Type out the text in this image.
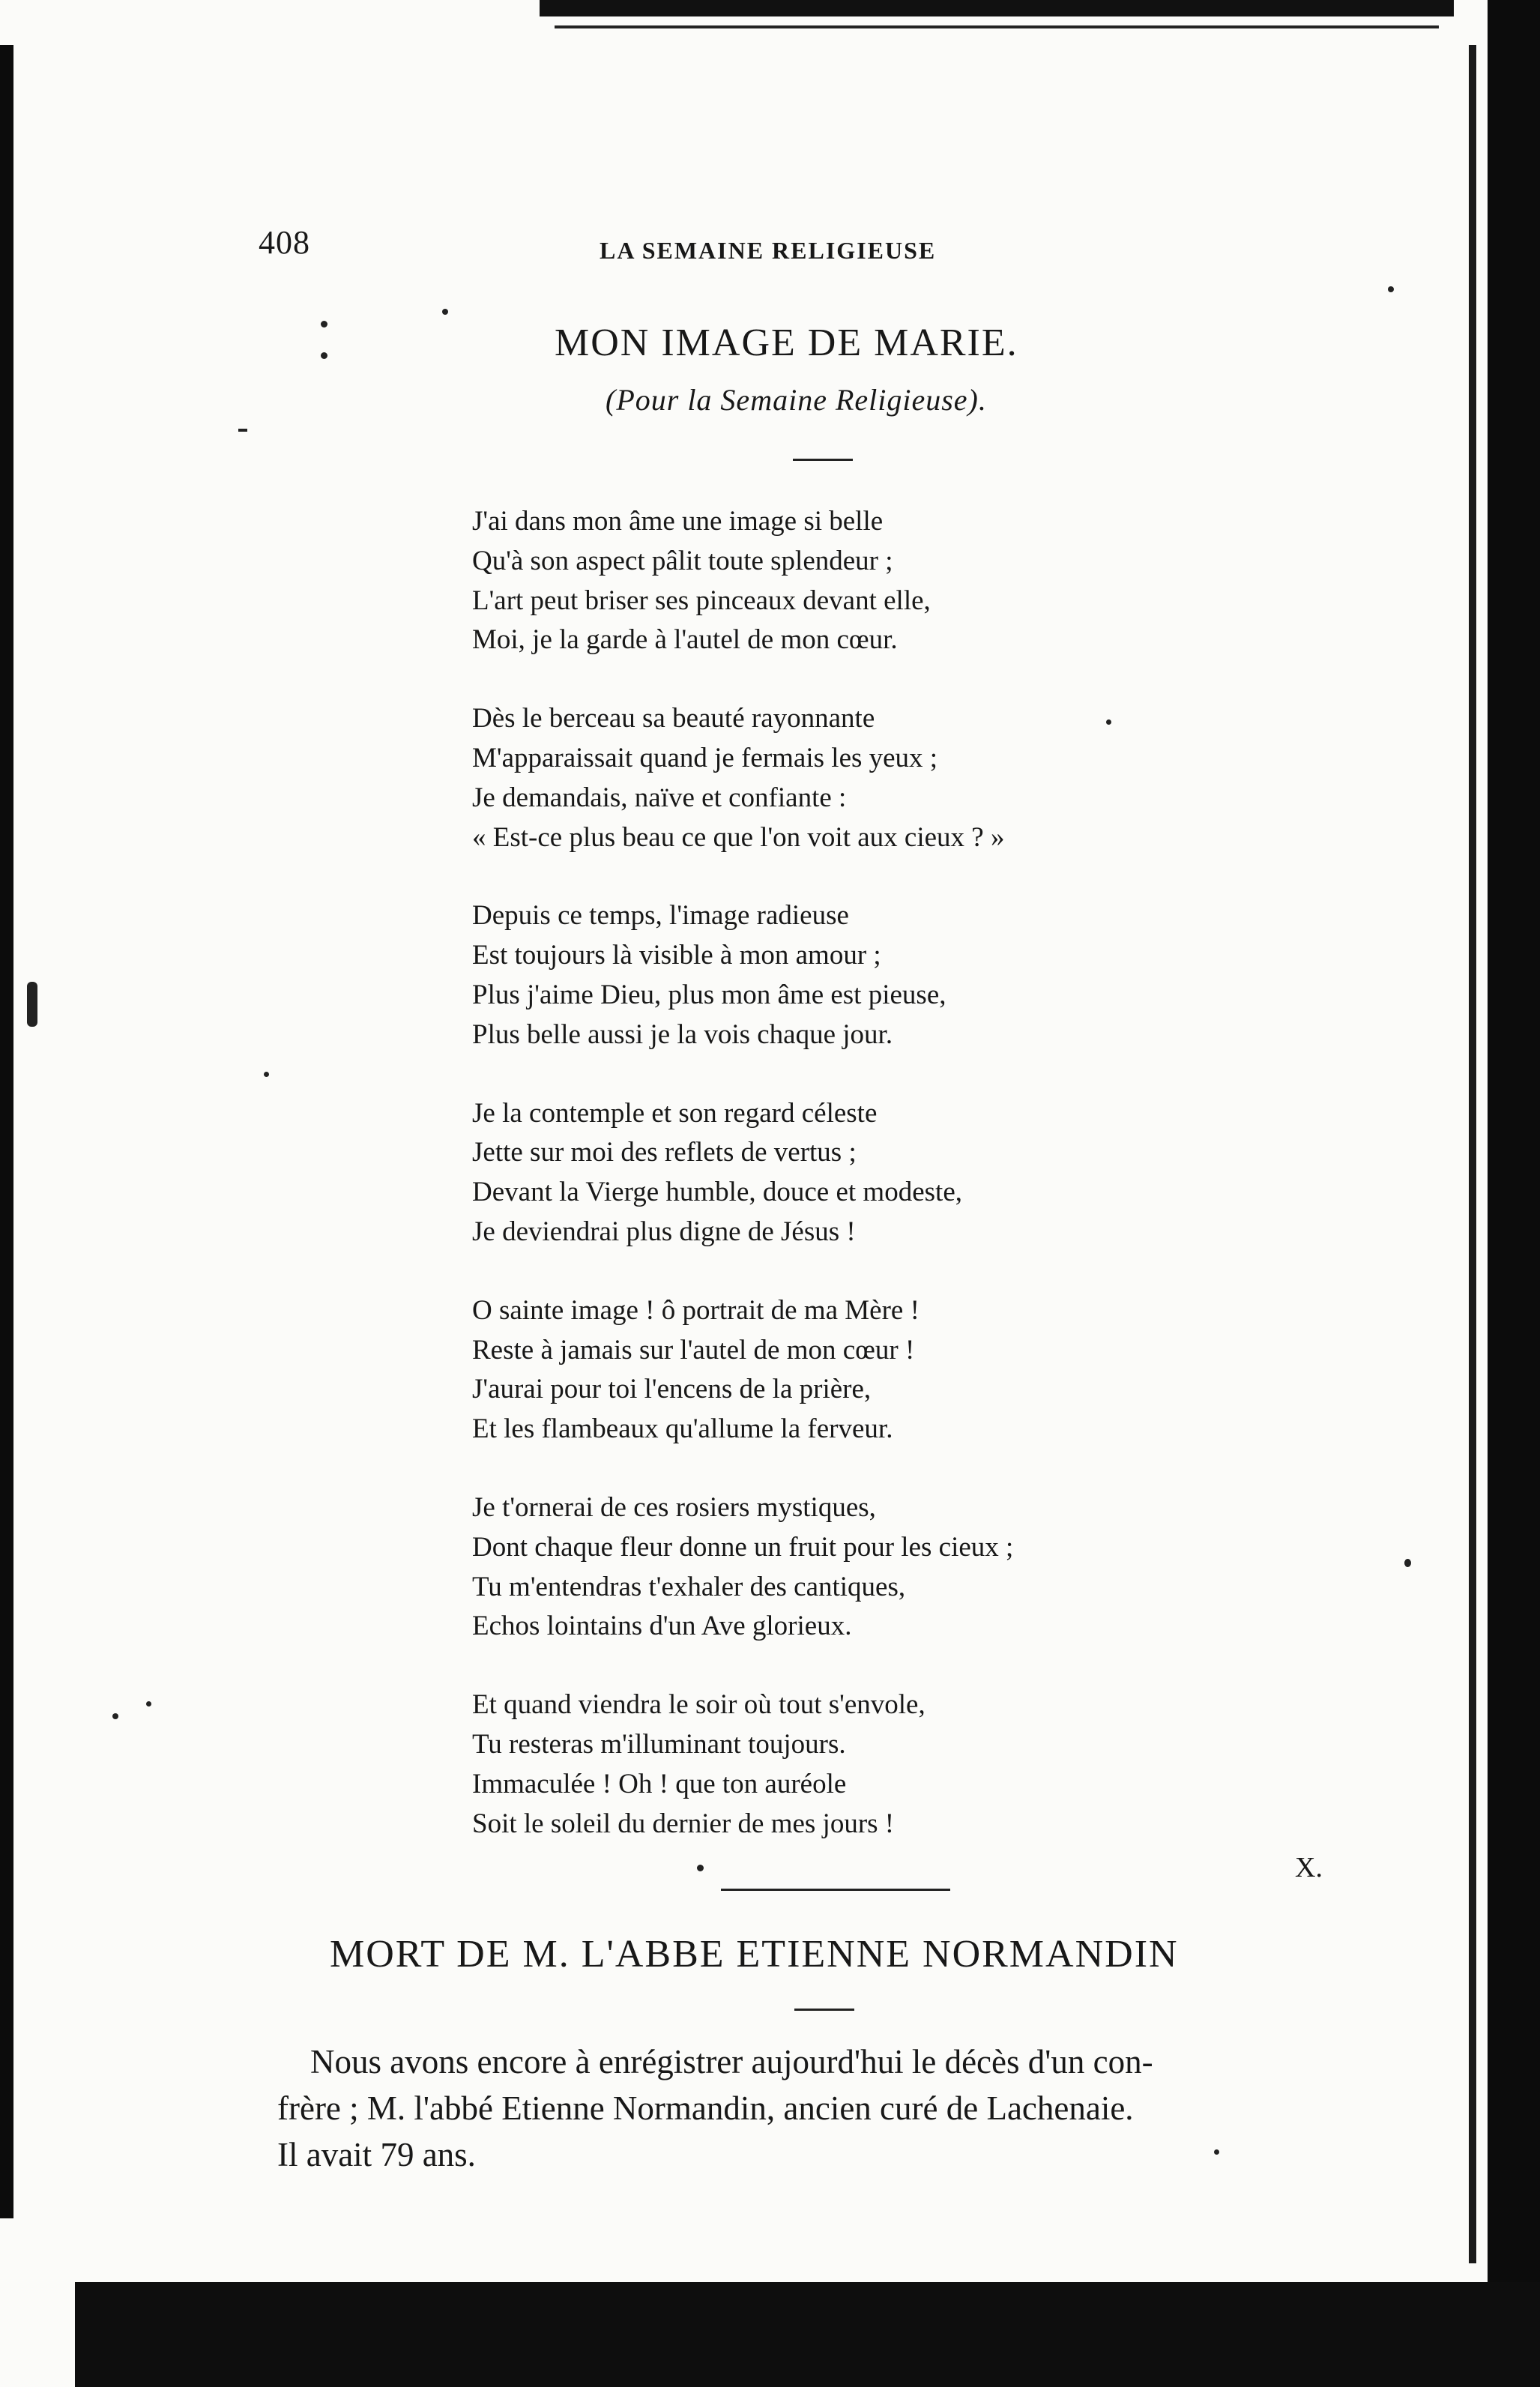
408	LA SEMAINE RELIGIEUSE
MON IMAGE DE MARIE.
(Pour la Semaine Religieuse).
J'ai dans mon âme une image si belle
Qu'à son aspect pâlit toute splendeur ;
L'art peut briser ses pinceaux devant elle,
Moi, je la garde à l'autel de mon cœur.
Dès le berceau sa beauté rayonnante
M'apparaissait quand je fermais les yeux ;
Je demandais, naïve et confiante :
« Est-ce plus beau ce que l'on voit aux cieux ? »
Depuis ce temps, l'image radieuse
Est toujours là visible à mon amour ;
Plus j'aime Dieu, plus mon âme est pieuse,
Plus belle aussi je la vois chaque jour.
Je la contemple et son regard céleste
Jette sur moi des reflets de vertus ;
Devant la Vierge humble, douce et modeste,
Je deviendrai plus digne de Jésus !
O sainte image ! ô portrait de ma Mère !
Reste à jamais sur l'autel de mon cœur !
J'aurai pour toi l'encens de la prière,
Et les flambeaux qu'allume la ferveur.
Je t'ornerai de ces rosiers mystiques,
Dont chaque fleur donne un fruit pour les cieux ;
Tu m'entendras t'exhaler des cantiques,
Echos lointains d'un Ave glorieux.
Et quand viendra le soir où tout s'envole,
Tu resteras m'illuminant toujours.
Immaculée ! Oh ! que ton auréole
Soit le soleil du dernier de mes jours !
X.
MORT DE M. L'ABBE ETIENNE NORMANDIN
Nous avons encore à enrégistrer aujourd'hui le décès d'un con-
frère ; M. l'abbé Etienne Normandin, ancien curé de Lachenaie.
Il avait 79 ans.
